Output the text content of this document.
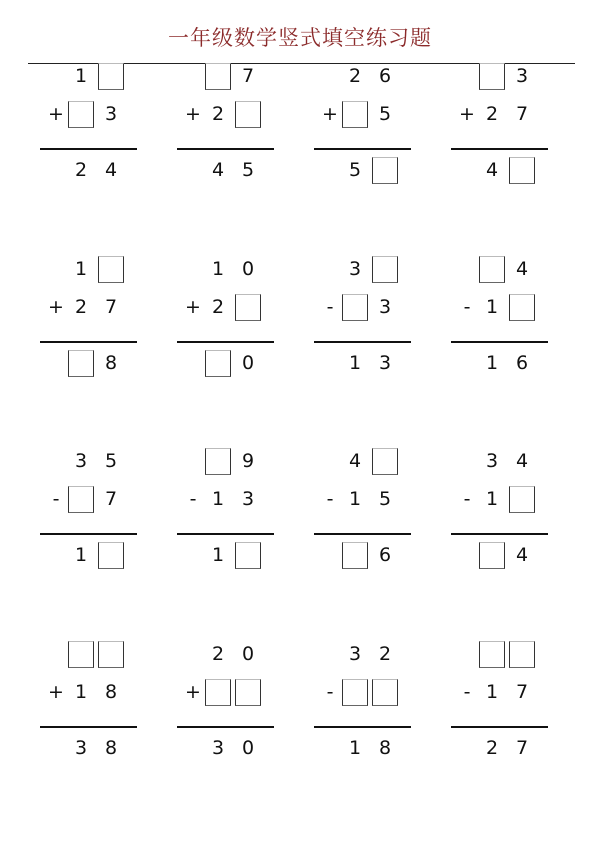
一年级数学竖式填空练习题
1
+	3
2 4
7
+ 2
4 5
2 6
+	5
5
3
+ 2 7
4
1
+ 2 7
8
1 0
+ 2
0
3
-	3
1 3
4
- 1
1 6
3 5
-	7
1
9
- 1 3
1
4
- 1 5
6
3 4
- 1
4
+ 1 8
3 8
2 0
+
3 0
3 2
-
1 8
- 1 7
2 7
